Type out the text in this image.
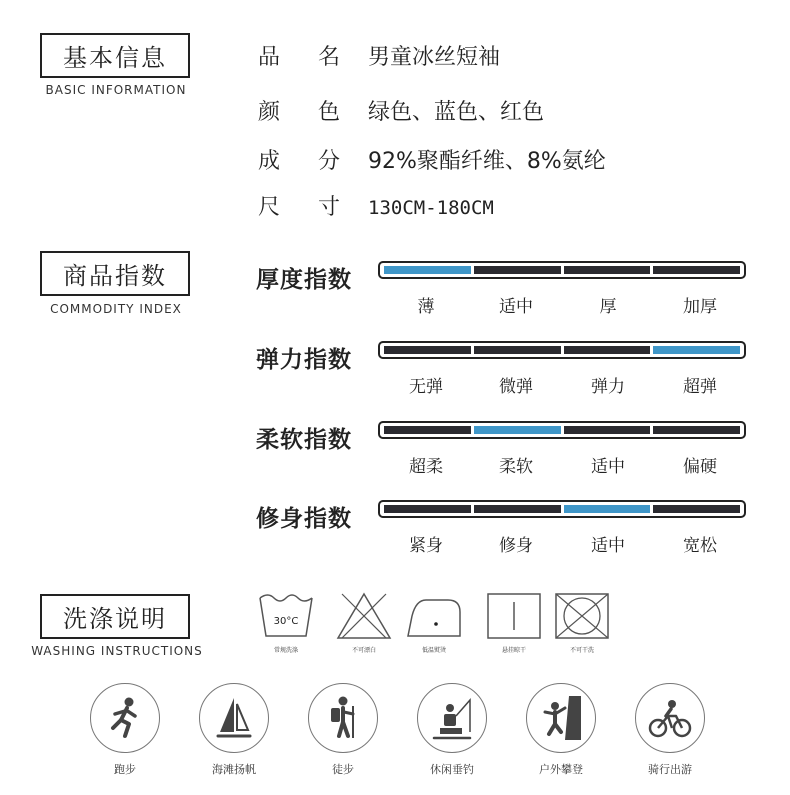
基本信息
BASIC INFORMATION
商品指数
COMMODITY INDEX
洗涤说明
WASHING INSTRUCTIONS
品 名 男童冰丝短袖
颜 色 绿色、蓝色、红色
成 分 92%聚酯纤维、8%氨纶
尺 寸 130CM-180CM
厚度指数
薄	适中	厚	加厚
弹力指数
无弹	微弹	弹力	超弹
柔软指数
超柔	柔软	适中	偏硬
修身指数
紧身	修身	适中	宽松
30°C
常规洗涤	不可漂白	低温熨烫	悬挂晾干	不可干洗
跑步	海滩扬帆	徒步	休闲垂钓	户外攀登	骑行出游
